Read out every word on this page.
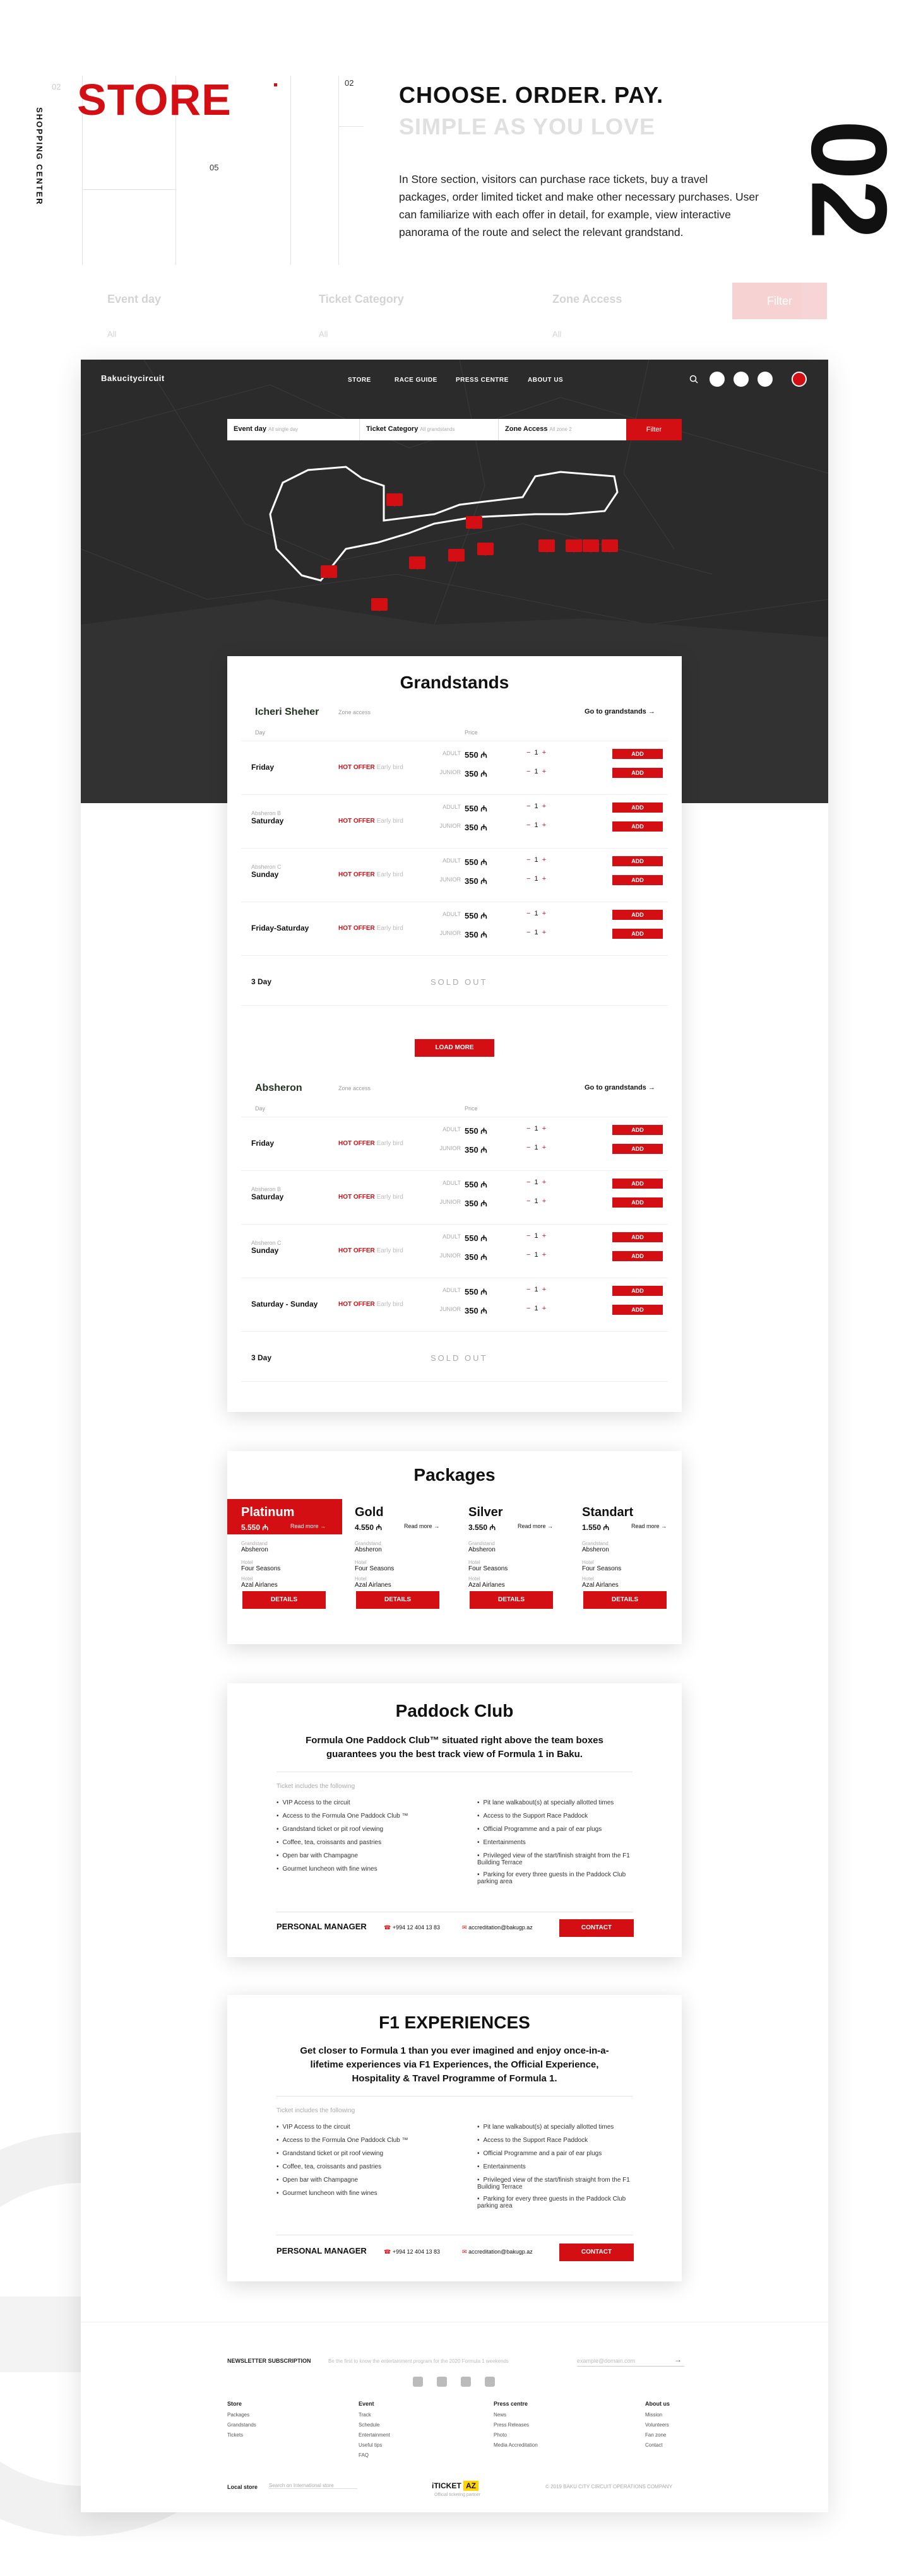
02 STORE	02
05
SHOPPING CENTER
CHOOSE. ORDER. PAY.
SIMPLE AS YOU LOVE
In Store section, visitors can purchase race tickets, buy a travel packages, order limited ticket and make other necessary purchases. User can familiarize with each offer in detail, for example, view interactive panorama of the route and select the relevant grandstand. 02
Event day	Ticket Category	Zone Access	Filter
All	All	All
Bakucitycircuit	STORE	RACE GUIDE	PRESS CENTRE	ABOUT US
Event day All single day	Ticket Category All grandstands	Zone Access All zone 2	Filter
Grandstands
Icheri Sheher	Zone access	Go to grandstands →
Day	Price
Friday	HOT OFFER Early bird
ADULT 550 ₼	−  1  +	ADD
JUNIOR 350 ₼	−  1  +	ADD
Absheron B
Saturday	HOT OFFER Early bird
ADULT 550 ₼	−  1  +	ADD
JUNIOR 350 ₼	−  1  +	ADD
Absheron C
Sunday	HOT OFFER Early bird
ADULT 550 ₼	−  1  +	ADD
JUNIOR 350 ₼	−  1  +	ADD
Friday-Saturday	HOT OFFER Early bird
ADULT 550 ₼	−  1  +	ADD
JUNIOR 350 ₼	−  1  +	ADD
3 Day	SOLD OUT
Absheron	Zone access	Go to grandstands →
Day	Price
Friday	HOT OFFER Early bird
ADULT 550 ₼	−  1  +	ADD
JUNIOR 350 ₼	−  1  +	ADD
Absheron B
Saturday	HOT OFFER Early bird
ADULT 550 ₼	−  1  +	ADD
JUNIOR 350 ₼	−  1  +	ADD
Absheron C
Sunday	HOT OFFER Early bird
ADULT 550 ₼	−  1  +	ADD
JUNIOR 350 ₼	−  1  +	ADD
Saturday - Sunday	HOT OFFER Early bird
ADULT 550 ₼	−  1  +	ADD
JUNIOR 350 ₼	−  1  +	ADD
3 Day	SOLD OUT
LOAD MORE
Packages
Platinum
5.550 ₼	Read more →
Grandstand
Absheron
Hotel
Four Seasons
Hotel
Azal Airlanes
DETAILS
Gold
4.550 ₼	Read more →
Grandstand
Absheron
Hotel
Four Seasons
Hotel
Azal Airlanes
DETAILS
Silver
3.550 ₼	Read more →
Grandstand
Absheron
Hotel
Four Seasons
Hotel
Azal Airlanes
DETAILS
Standart
1.550 ₼	Read more →
Grandstand
Absheron
Hotel
Four Seasons
Hotel
Azal Airlanes
DETAILS
Paddock Club
Formula One Paddock Club™ situated right above the team boxes guarantees you the best track view of Formula 1 in Baku.
Ticket includes the following
• VIP Access to the circuit
• Access to the Formula One Paddock Club ™
• Grandstand ticket or pit roof viewing
• Coffee, tea, croissants and pastries
• Open bar with Champagne
• Gourmet luncheon with fine wines
• Pit lane walkabout(s) at specially allotted times
• Access to the Support Race Paddock
• Official Programme and a pair of ear plugs
• Entertainments
• Privileged view of the start/finish straight from the F1 Building Terrace
• Parking for every three guests in the Paddock Club parking area
PERSONAL MANAGER	☎ +994 12 404 13 83	✉ accreditation@bakugp.az	CONTACT
F1 EXPERIENCES
Get closer to Formula 1 than you ever imagined and enjoy once-in-a-lifetime experiences via F1 Experiences, the Official Experience, Hospitality & Travel Programme of Formula 1.
Ticket includes the following
• VIP Access to the circuit
• Access to the Formula One Paddock Club ™
• Grandstand ticket or pit roof viewing
• Coffee, tea, croissants and pastries
• Open bar with Champagne
• Gourmet luncheon with fine wines
• Pit lane walkabout(s) at specially allotted times
• Access to the Support Race Paddock
• Official Programme and a pair of ear plugs
• Entertainments
• Privileged view of the start/finish straight from the F1 Building Terrace
• Parking for every three guests in the Paddock Club parking area
PERSONAL MANAGER	☎ +994 12 404 13 83	✉ accreditation@bakugp.az	CONTACT
NEWSLETTER SUBSCRIPTION	Be the first to know the entertainment program for the 2020 Formula 1 weekends	example@domain.com	→
Store
Packages
Grandstands
Tickets
Event
Track
Schedule
Entertainment
Useful tips
FAQ
Press centre
News
Press Releases
Photo
Media Accreditation
About us
Mission
Volunteers
Fan zone
Contact
Local store Search on International store	iTICKET AZ
Official ticketing partner
© 2019 BAKU CITY CIRCUIT OPERATIONS COMPANY
